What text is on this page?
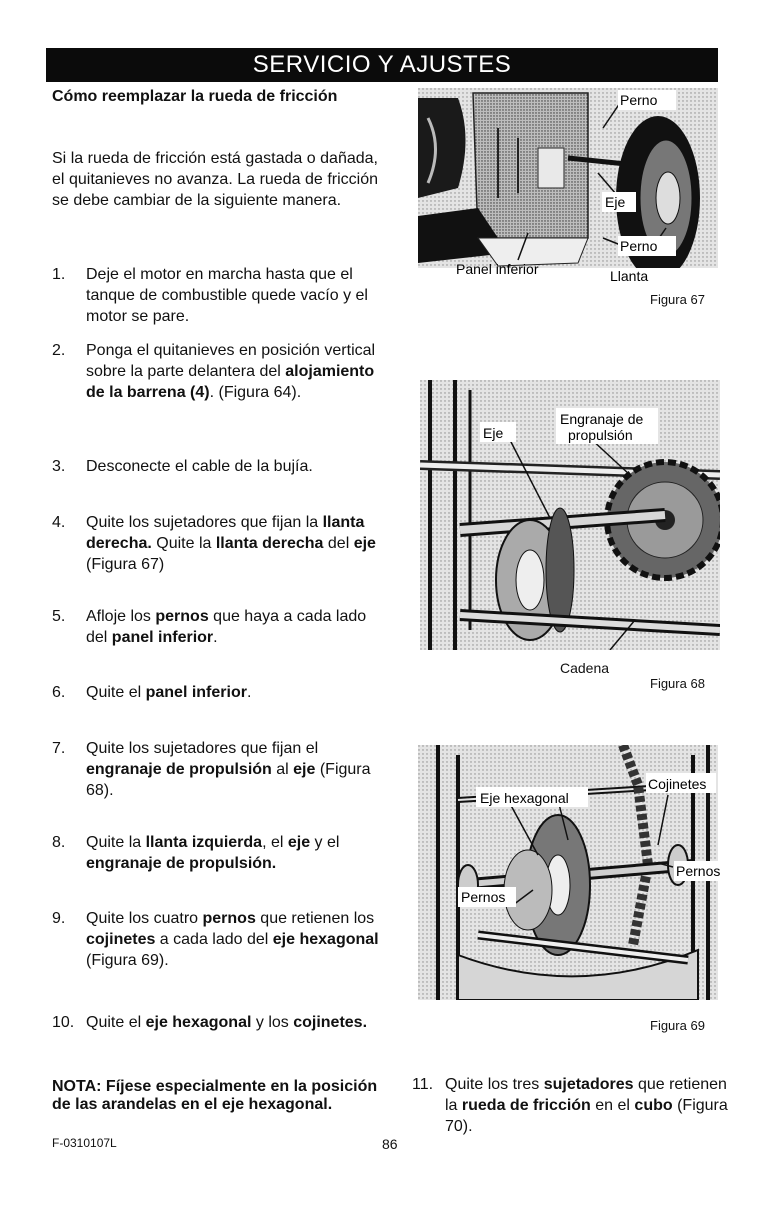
SERVICIO Y AJUSTES
Cómo reemplazar la rueda de fricción
Si la rueda de fricción está gastada o dañada, el quitanieves no avanza. La rueda de fricción se debe cambiar de la siguiente manera.
1.	Deje el motor en marcha hasta que el tanque de combustible quede vacío y el motor se pare.
2.	Ponga el quitanieves en posición vertical sobre la parte delantera del alojamiento de la barrena (4). (Figura 64).
3.	Desconecte el cable de la bujía.
4.	Quite los sujetadores que fijan la llanta derecha. Quite la llanta derecha del eje (Figura 67)
5.	Afloje los pernos que haya a cada lado del panel inferior.
6.	Quite el panel inferior.
7.	Quite los sujetadores que fijan el engranaje de propulsión al eje (Figura 68).
8.	Quite la llanta izquierda, el eje y el engranaje de propulsión.
9.	Quite los cuatro pernos que retienen los cojinetes a cada lado del eje hexagonal (Figura 69).
10. Quite el eje hexagonal y los cojinetes.
NOTA: Fíjese especialmente en la posición de las arandelas en el eje hexagonal.
F-0310107L	86
11. Quite los tres sujetadores que retienen la rueda de fricción en el cubo (Figura 70).
Perno
Eje
Perno
Panel inferior	Llanta
Figura 67
Eje
Engranaje de
propulsión
Cadena
Figura 68
Eje hexagonal
Cojinetes
Pernos
Pernos
Figura 69
